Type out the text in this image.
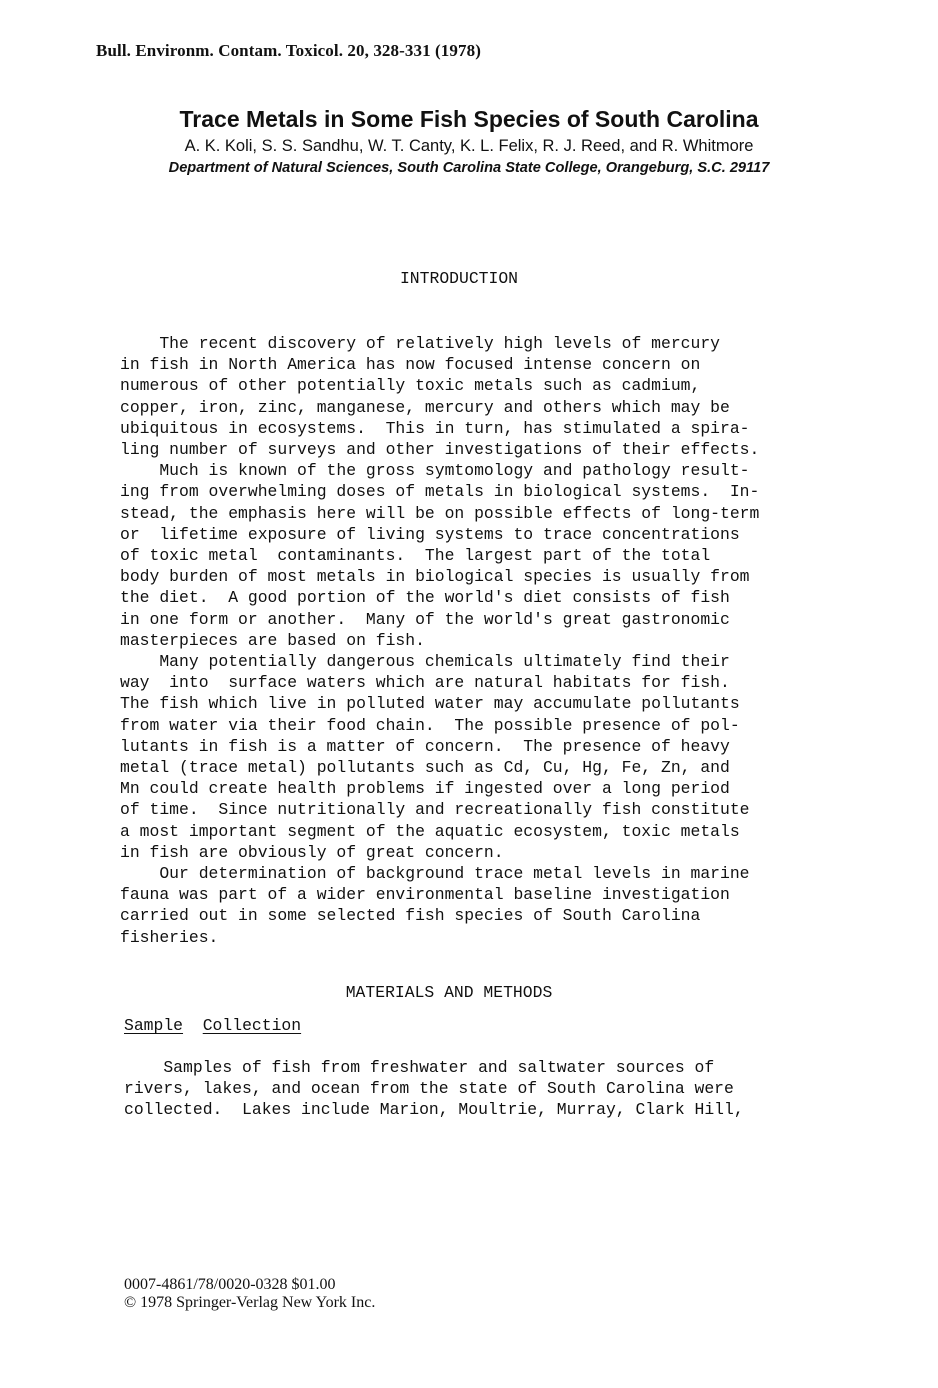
Bull. Environm. Contam. Toxicol. 20, 328-331 (1978)
Trace Metals in Some Fish Species of South Carolina
A. K. Koli, S. S. Sandhu, W. T. Canty, K. L. Felix, R. J. Reed, and R. Whitmore
Department of Natural Sciences, South Carolina State College, Orangeburg, S.C. 29117
INTRODUCTION
The recent discovery of relatively high levels of mercury
in fish in North America has now focused intense concern on
numerous of other potentially toxic metals such as cadmium,
copper, iron, zinc, manganese, mercury and others which may be
ubiquitous in ecosystems.  This in turn, has stimulated a spira-
ling number of surveys and other investigations of their effects.
Much is known of the gross symtomology and pathology result-
ing from overwhelming doses of metals in biological systems.  In-
stead, the emphasis here will be on possible effects of long-term
or  lifetime exposure of living systems to trace concentrations
of toxic metal  contaminants.  The largest part of the total
body burden of most metals in biological species is usually from
the diet.  A good portion of the world's diet consists of fish
in one form or another.  Many of the world's great gastronomic
masterpieces are based on fish.
Many potentially dangerous chemicals ultimately find their
way  into  surface waters which are natural habitats for fish.
The fish which live in polluted water may accumulate pollutants
from water via their food chain.  The possible presence of pol-
lutants in fish is a matter of concern.  The presence of heavy
metal (trace metal) pollutants such as Cd, Cu, Hg, Fe, Zn, and
Mn could create health problems if ingested over a long period
of time.  Since nutritionally and recreationally fish constitute
a most important segment of the aquatic ecosystem, toxic metals
in fish are obviously of great concern.
Our determination of background trace metal levels in marine
fauna was part of a wider environmental baseline investigation
carried out in some selected fish species of South Carolina
fisheries.
MATERIALS AND METHODS
Sample Collection
Samples of fish from freshwater and saltwater sources of
rivers, lakes, and ocean from the state of South Carolina were
collected.  Lakes include Marion, Moultrie, Murray, Clark Hill,
0007-4861/78/0020-0328 $01.00
© 1978 Springer-Verlag New York Inc.
